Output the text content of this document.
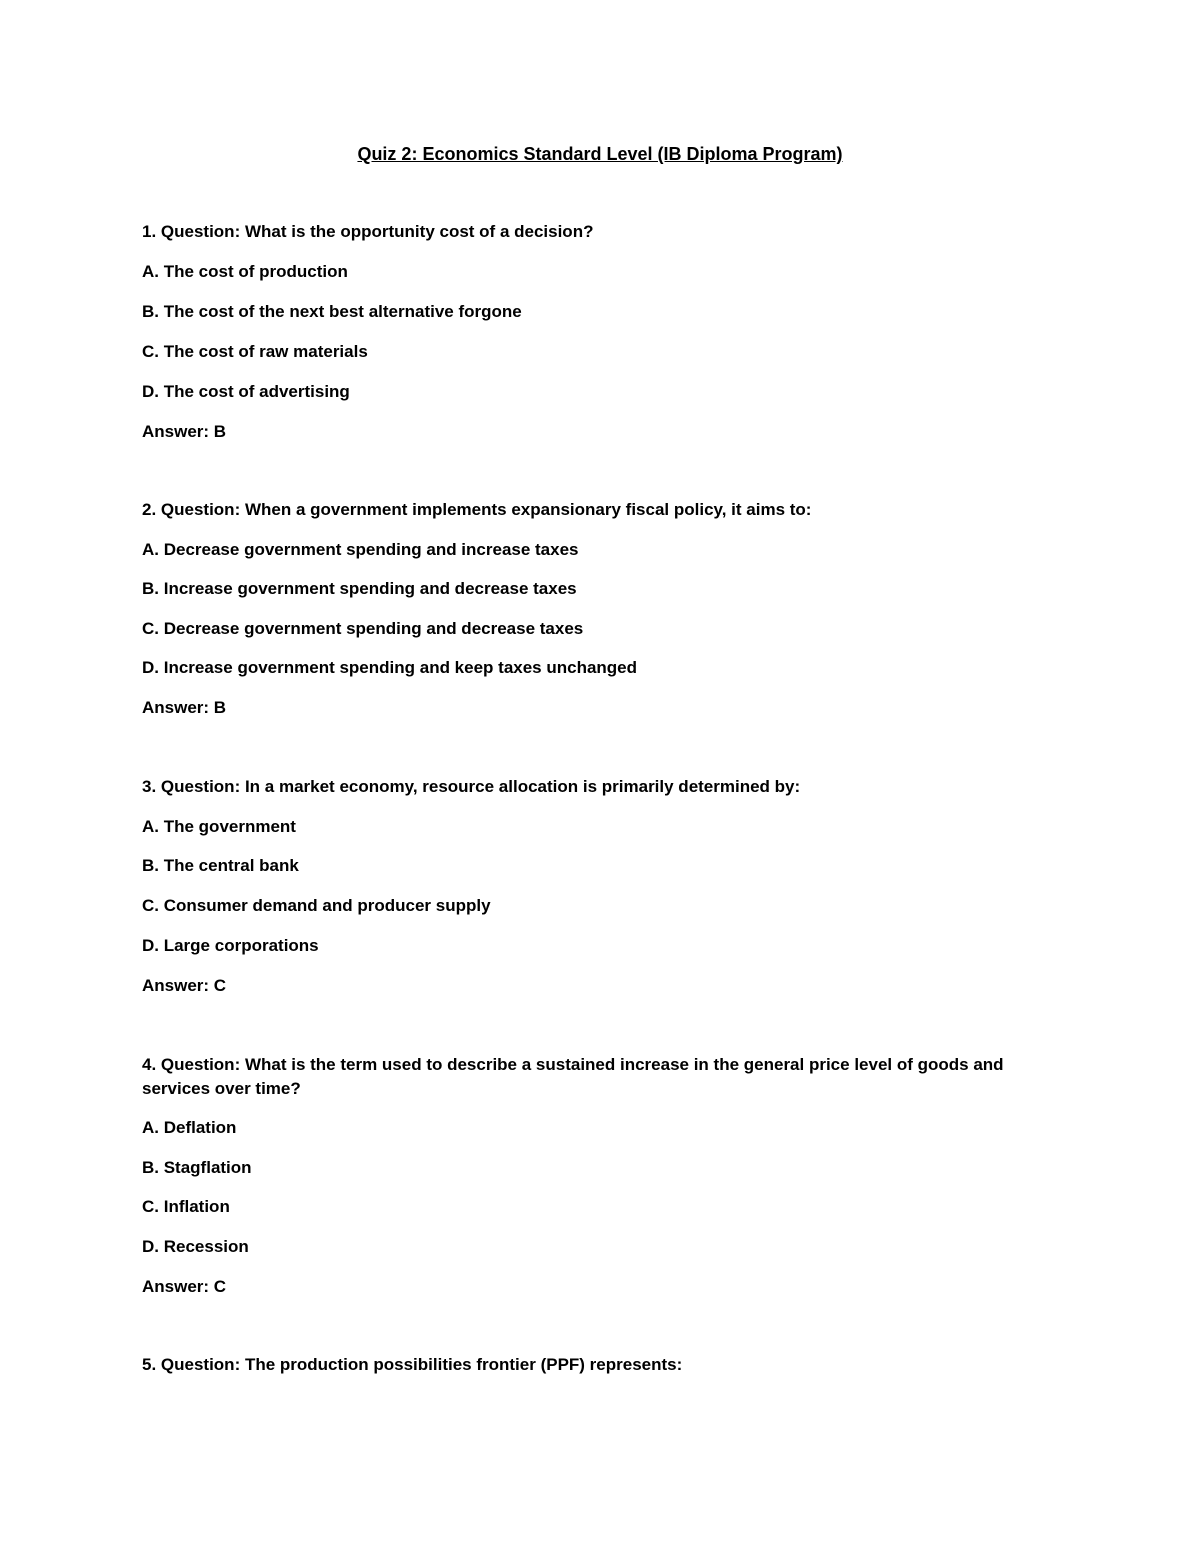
Quiz 2: Economics Standard Level (IB Diploma Program)
1. Question: What is the opportunity cost of a decision?
A. The cost of production
B. The cost of the next best alternative forgone
C. The cost of raw materials
D. The cost of advertising
Answer: B
2. Question: When a government implements expansionary fiscal policy, it aims to:
A. Decrease government spending and increase taxes
B. Increase government spending and decrease taxes
C. Decrease government spending and decrease taxes
D. Increase government spending and keep taxes unchanged
Answer: B
3. Question: In a market economy, resource allocation is primarily determined by:
A. The government
B. The central bank
C. Consumer demand and producer supply
D. Large corporations
Answer: C
4. Question: What is the term used to describe a sustained increase in the general price level of goods and services over time?
A. Deflation
B. Stagflation
C. Inflation
D. Recession
Answer: C
5. Question: The production possibilities frontier (PPF) represents:
